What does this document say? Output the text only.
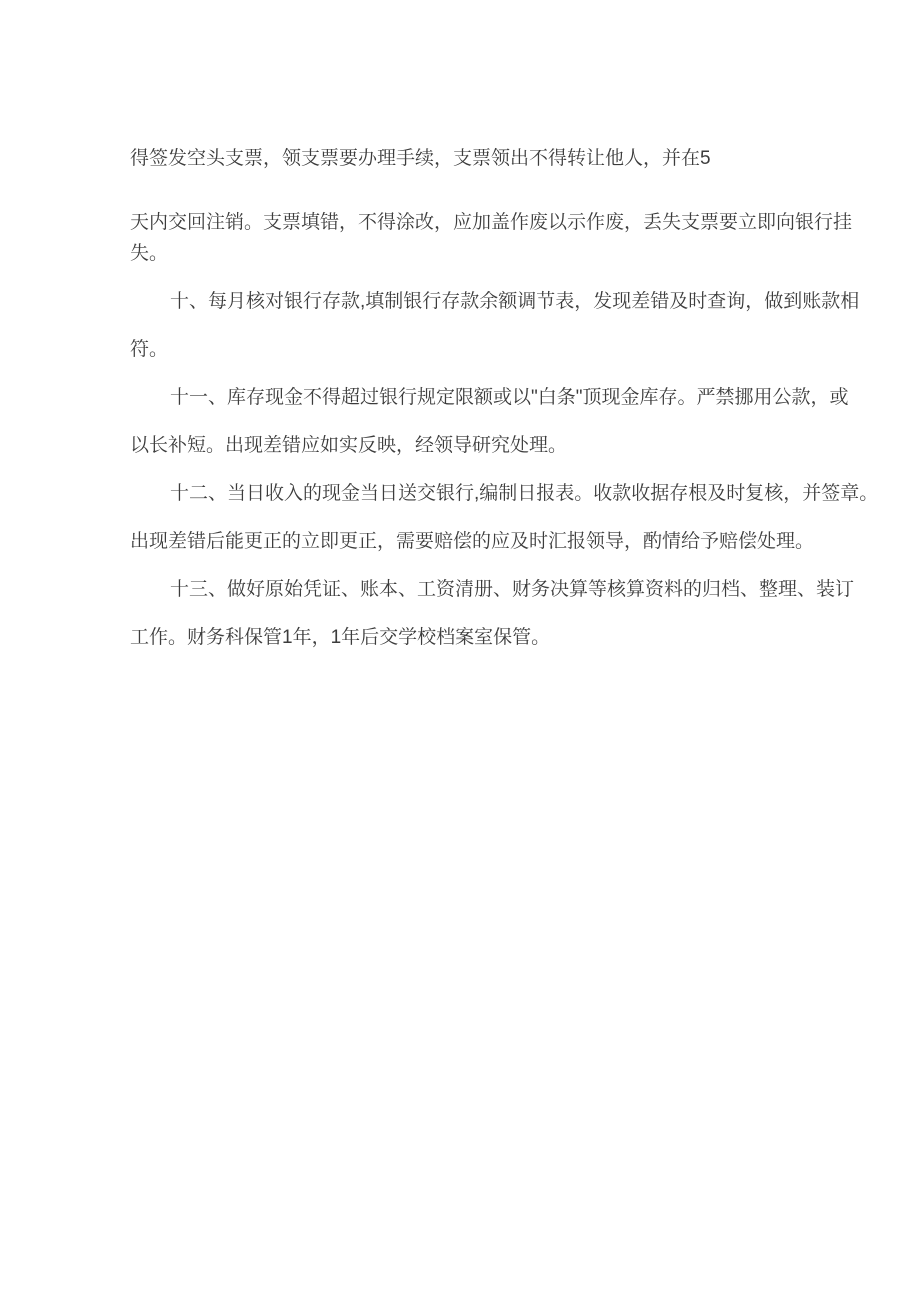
得签发空头支票，领支票要办理手续，支票领出不得转让他人，并在5
天内交回注销。支票填错，不得涂改，应加盖作废以示作废，丢失支票要立即向银行挂
失。
十、每月核对银行存款,填制银行存款余额调节表，发现差错及时查询，做到账款相
符。
十一、库存现金不得超过银行规定限额或以"白条"顶现金库存。严禁挪用公款，或
以长补短。出现差错应如实反映，经领导研究处理。
十二、当日收入的现金当日送交银行,编制日报表。收款收据存根及时复核，并签章。
出现差错后能更正的立即更正，需要赔偿的应及时汇报领导，酌情给予赔偿处理。
十三、做好原始凭证、账本、工资清册、财务决算等核算资料的归档、整理、装订
工作。财务科保管1年，1年后交学校档案室保管。
